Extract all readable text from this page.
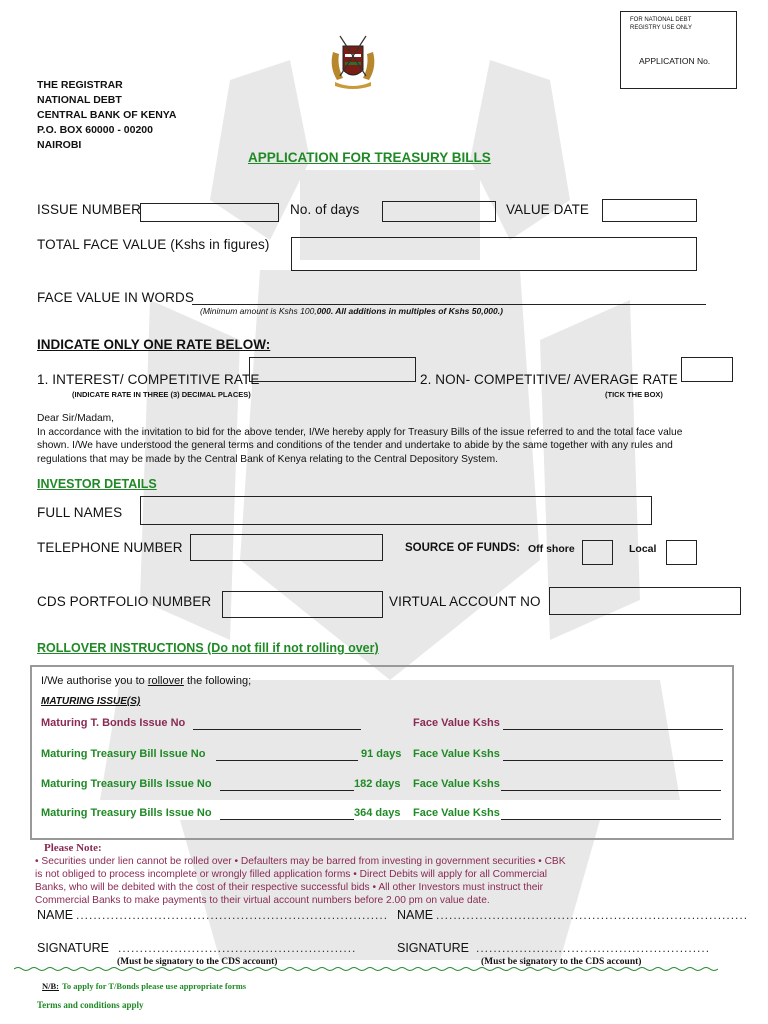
FOR NATIONAL DEBT REGISTRY USE ONLY
APPLICATION No.
THE REGISTRAR
NATIONAL DEBT
CENTRAL BANK OF KENYA
P.O. BOX 60000 - 00200
NAIROBI
APPLICATION FOR TREASURY BILLS
ISSUE NUMBER	No. of days	VALUE DATE
TOTAL FACE VALUE (Kshs in figures)
FACE VALUE IN WORDS
(Minimum amount is Kshs 100,000. All additions in multiples of Kshs 50,000.)
INDICATE ONLY ONE RATE BELOW:
1. INTEREST/ COMPETITIVE RATE
(INDICATE RATE IN THREE (3) DECIMAL PLACES)
2. NON- COMPETITIVE/ AVERAGE RATE
(TICK THE BOX)
Dear Sir/Madam,
In accordance with the invitation to bid for the above tender, I/We hereby apply for Treasury Bills of the issue referred to and the total face value
shown. I/We have understood the general terms and conditions of the tender and undertake to abide by the same together with any rules and
regulations that may be made by the Central Bank of Kenya relating to the Central Depository System.
INVESTOR DETAILS
FULL NAMES
TELEPHONE NUMBER	SOURCE OF FUNDS: Off shore	Local
CDS PORTFOLIO NUMBER	VIRTUAL ACCOUNT NO
ROLLOVER INSTRUCTIONS (Do not fill if not rolling over)
I/We authorise you to rollover the following;
MATURING ISSUE(S)
Maturing T. Bonds Issue No	Face Value Kshs
Maturing Treasury Bill Issue No	91 days Face Value Kshs
Maturing Treasury Bills Issue No	182 days Face Value Kshs
Maturing Treasury Bills Issue No	364 days Face Value Kshs
Please Note:
• Securities under lien cannot be rolled over • Defaulters may be barred from investing in government securities • CBK
is not obliged to process incomplete or wrongly filled application forms • Direct Debits will apply for all Commercial
Banks, who will be debited with the cost of their respective successful bids • All other Investors must instruct their
Commercial Banks to make payments to their virtual account numbers before 2.00 pm on value date.
NAME ........................................................................ NAME ........................................................................
SIGNATURE .......................................................	SIGNATURE ......................................................
(Must be signatory to the CDS account)	(Must be signatory to the CDS account)
N/B: To apply for T/Bonds please use appropriate forms
Terms and conditions apply
